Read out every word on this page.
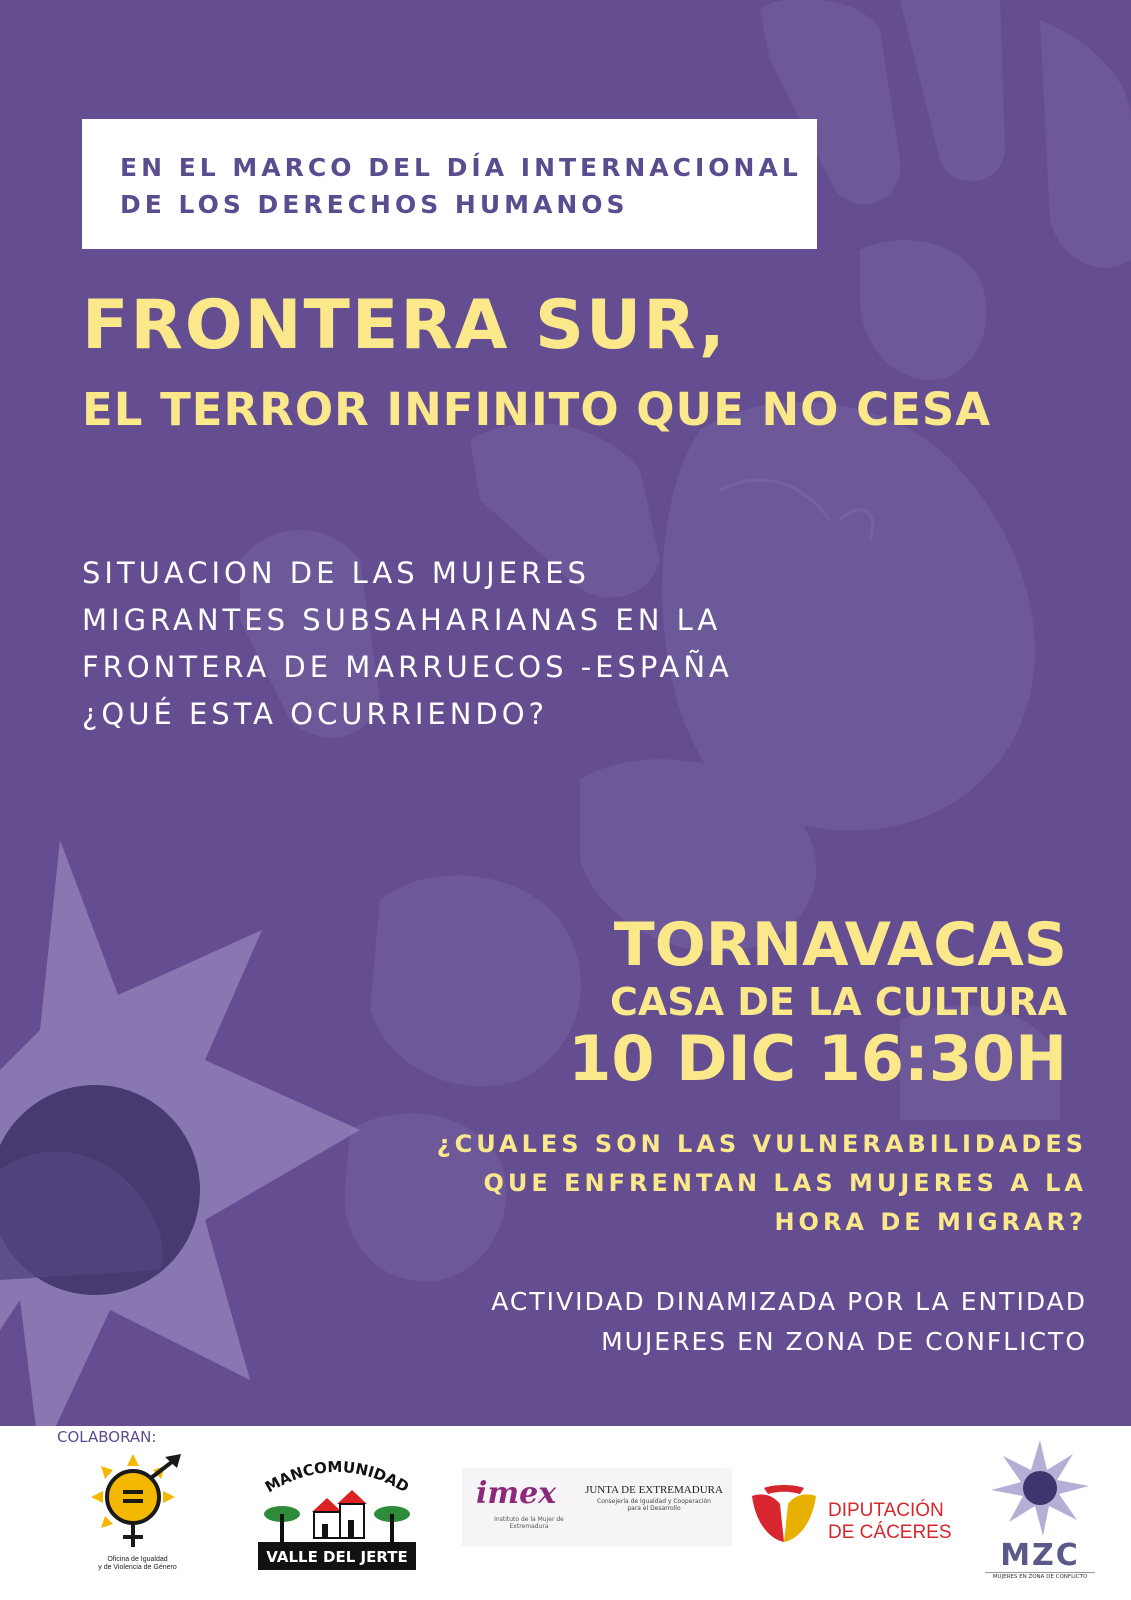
EN EL MARCO DEL DÍA INTERNACIONAL
DE LOS DERECHOS HUMANOS
FRONTERA SUR,
EL TERROR INFINITO QUE NO CESA
SITUACION DE LAS MUJERES
MIGRANTES SUBSAHARIANAS EN LA
FRONTERA DE MARRUECOS -ESPAÑA
¿QUÉ ESTA OCURRIENDO?
TORNAVACAS
CASA DE LA CULTURA
10 DIC 16:30H
¿CUALES SON LAS VULNERABILIDADES
QUE ENFRENTAN LAS MUJERES A LA
HORA DE MIGRAR?
ACTIVIDAD DINAMIZADA POR LA ENTIDAD
MUJERES EN ZONA DE CONFLICTO
COLABORAN:
Oficina de Igualdad
y de Violencia de Género
MANCOMUNIDAD
VALLE DEL JERTE
imex
Instituto de la Mujer de Extremadura
JUNTA DE EXTREMADURA
Consejería de Igualdad y Cooperación
para el Desarrollo	DIPUTACIÓN
DE CÁCERES
MZC
MUJERES EN ZONA DE CONFLICTO
